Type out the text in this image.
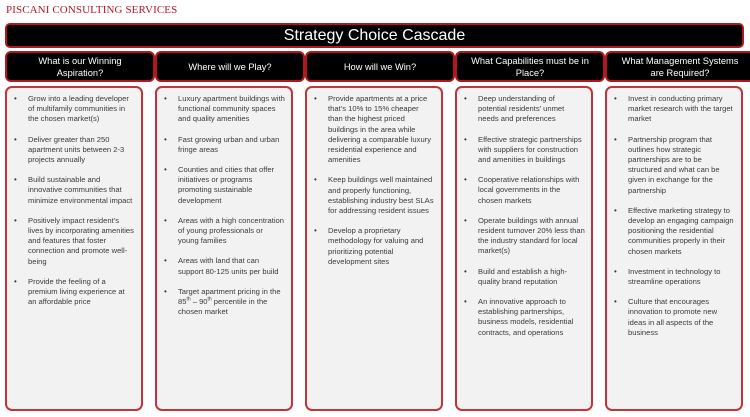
PISCANI CONSULTING SERVICES
Strategy Choice Cascade
What is our Winning Aspiration?
Where will we Play?	How will we Win?
What Capabilities must be in Place?
What Management Systems are Required?
• Grow into a leading developer of multifamily communities in the chosen market(s)
• Deliver greater than 250 apartment units between 2-3 projects annually
• Build sustainable and innovative communities that minimize environmental impact
• Positively impact resident’s lives by incorporating amenities and features that foster connection and promote well-being
• Provide the feeling of a premium living experience at an affordable price
• Luxury apartment buildings with functional community spaces and quality amenities
• Fast growing urban and urban fringe areas
• Counties and cities that offer initiatives or programs promoting sustainable development
• Areas with a high concentration of young professionals or young families
• Areas with land that can support 80-125 units per build
• Target apartment pricing in the 85th – 90th percentile in the chosen market
• Provide apartments at a price that’s 10% to 15% cheaper than the highest priced buildings in the area while delivering a comparable luxury residential experience and amenities
• Keep buildings well maintained and properly functioning, establishing industry best SLAs for addressing resident issues
• Develop a proprietary methodology for valuing and prioritizing potential development sites
• Deep understanding of potential residents’ unmet needs and preferences
• Effective strategic partnerships with suppliers for construction and amenities in buildings
• Cooperative relationships with local governments in the chosen markets
• Operate buildings with annual resident turnover 20% less than the industry standard for local market(s)
• Build and establish a high-quality brand reputation
• An innovative approach to establishing partnerships, business models, residential contracts, and operations
• Invest in conducting primary market research with the target market
• Partnership program that outlines how strategic partnerships are to be structured and what can be given in exchange for the partnership
• Effective marketing strategy to develop an engaging campaign positioning the residential communities properly in their chosen markets
• Investment in technology to streamline operations
• Culture that encourages innovation to promote new ideas in all aspects of the business
